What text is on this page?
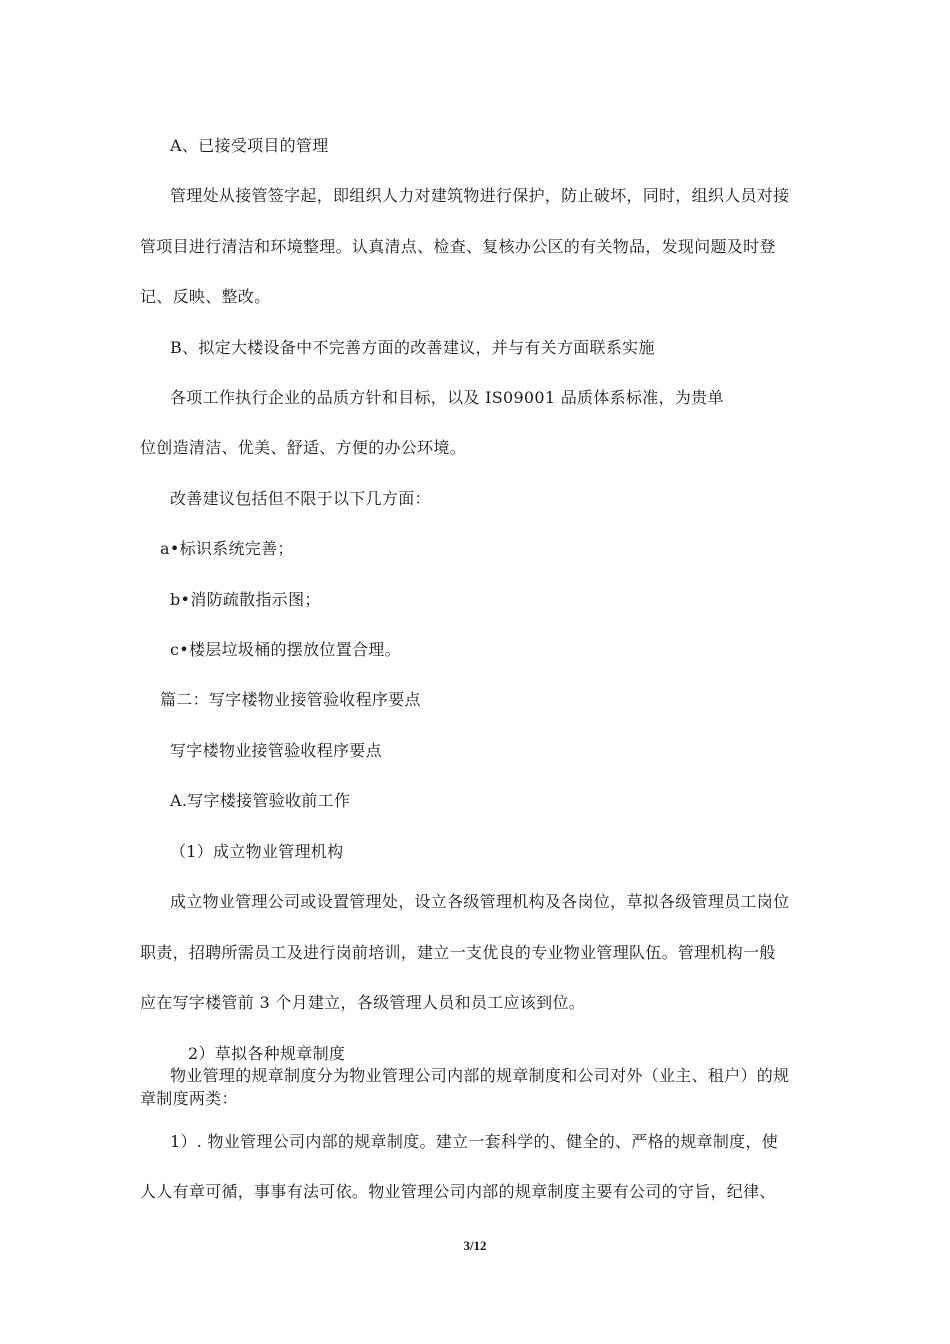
A、已接受项目的管理
管理处从接管签字起，即组织人力对建筑物进行保护，防止破坏，同时，组织人员对接
管项目进行清洁和环境整理。认真清点、检查、复核办公区的有关物品，发现问题及时登
记、反映、整改。
B、拟定大楼设备中不完善方面的改善建议，并与有关方面联系实施
各项工作执行企业的品质方针和目标，以及 IS09001 品质体系标准，为贵单
位创造清洁、优美、舒适、方便的办公环境。
改善建议包括但不限于以下几方面：
a•标识系统完善；
b•消防疏散指示图；
c•楼层垃圾桶的摆放位置合理。
篇二：写字楼物业接管验收程序要点
写字楼物业接管验收程序要点
A.写字楼接管验收前工作
（1）成立物业管理机构
成立物业管理公司或设置管理处，设立各级管理机构及各岗位，草拟各级管理员工岗位
职责，招聘所需员工及进行岗前培训，建立一支优良的专业物业管理队伍。管理机构一般
应在写字楼管前 3 个月建立，各级管理人员和员工应该到位。
2）草拟各种规章制度
物业管理的规章制度分为物业管理公司内部的规章制度和公司对外（业主、租户）的规
章制度两类：
1）. 物业管理公司内部的规章制度。建立一套科学的、健全的、严格的规章制度，使
人人有章可循，事事有法可依。物业管理公司内部的规章制度主要有公司的守旨，纪律、
3/12
